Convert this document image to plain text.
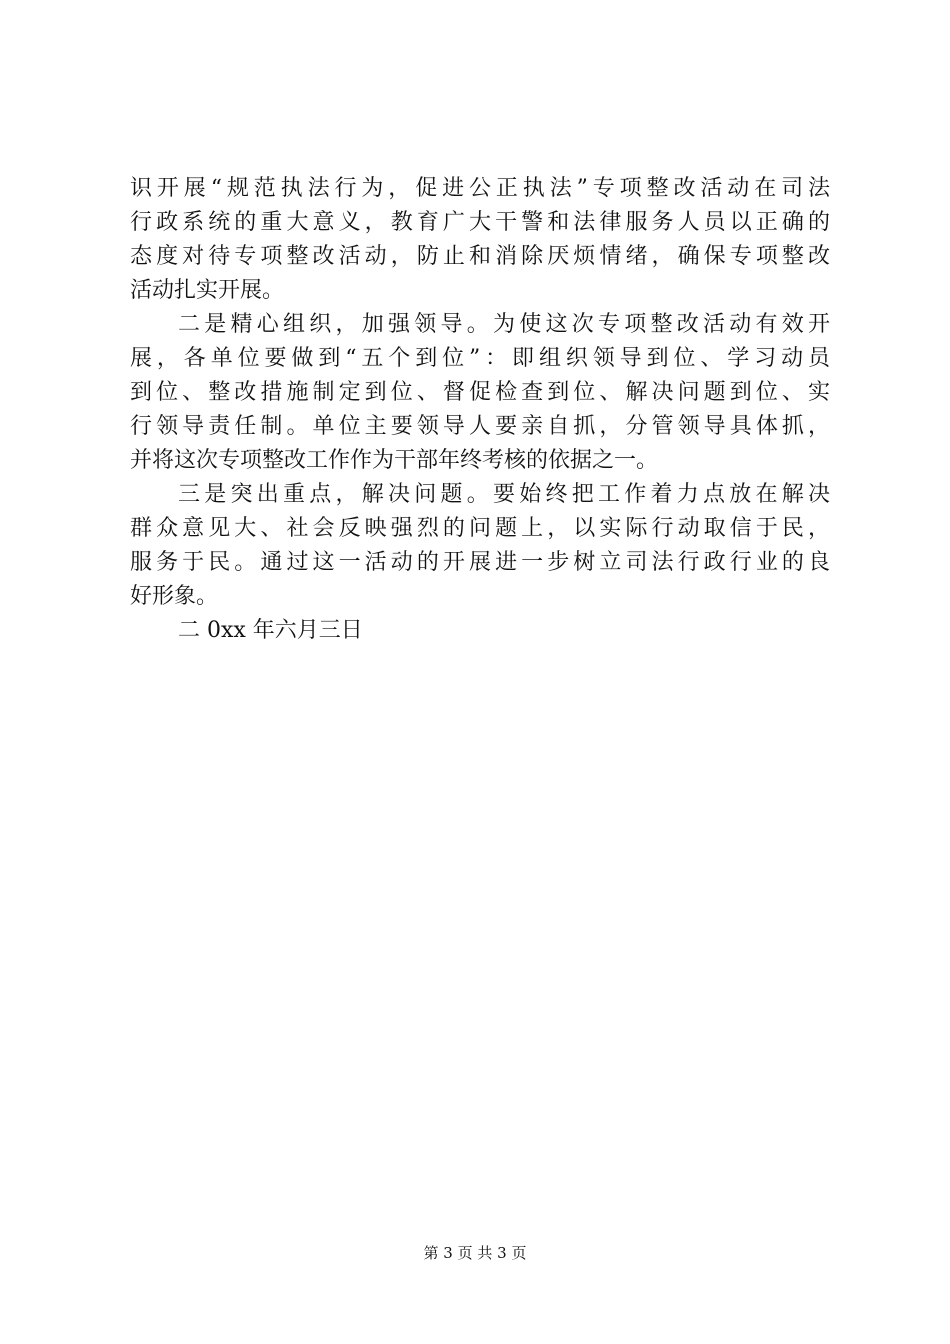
识开展“规范执法行为，促进公正执法”专项整改活动在司法
行政系统的重大意义，教育广大干警和法律服务人员以正确的
态度对待专项整改活动，防止和消除厌烦情绪，确保专项整改
活动扎实开展。
二是精心组织，加强领导。为使这次专项整改活动有效开
展，各单位要做到“五个到位”：即组织领导到位、学习动员
到位、整改措施制定到位、督促检查到位、解决问题到位、实
行领导责任制。单位主要领导人要亲自抓，分管领导具体抓，
并将这次专项整改工作作为干部年终考核的依据之一。
三是突出重点，解决问题。要始终把工作着力点放在解决
群众意见大、社会反映强烈的问题上，以实际行动取信于民，
服务于民。通过这一活动的开展进一步树立司法行政行业的良
好形象。
二 0xx 年六月三日
第 3 页 共 3 页
